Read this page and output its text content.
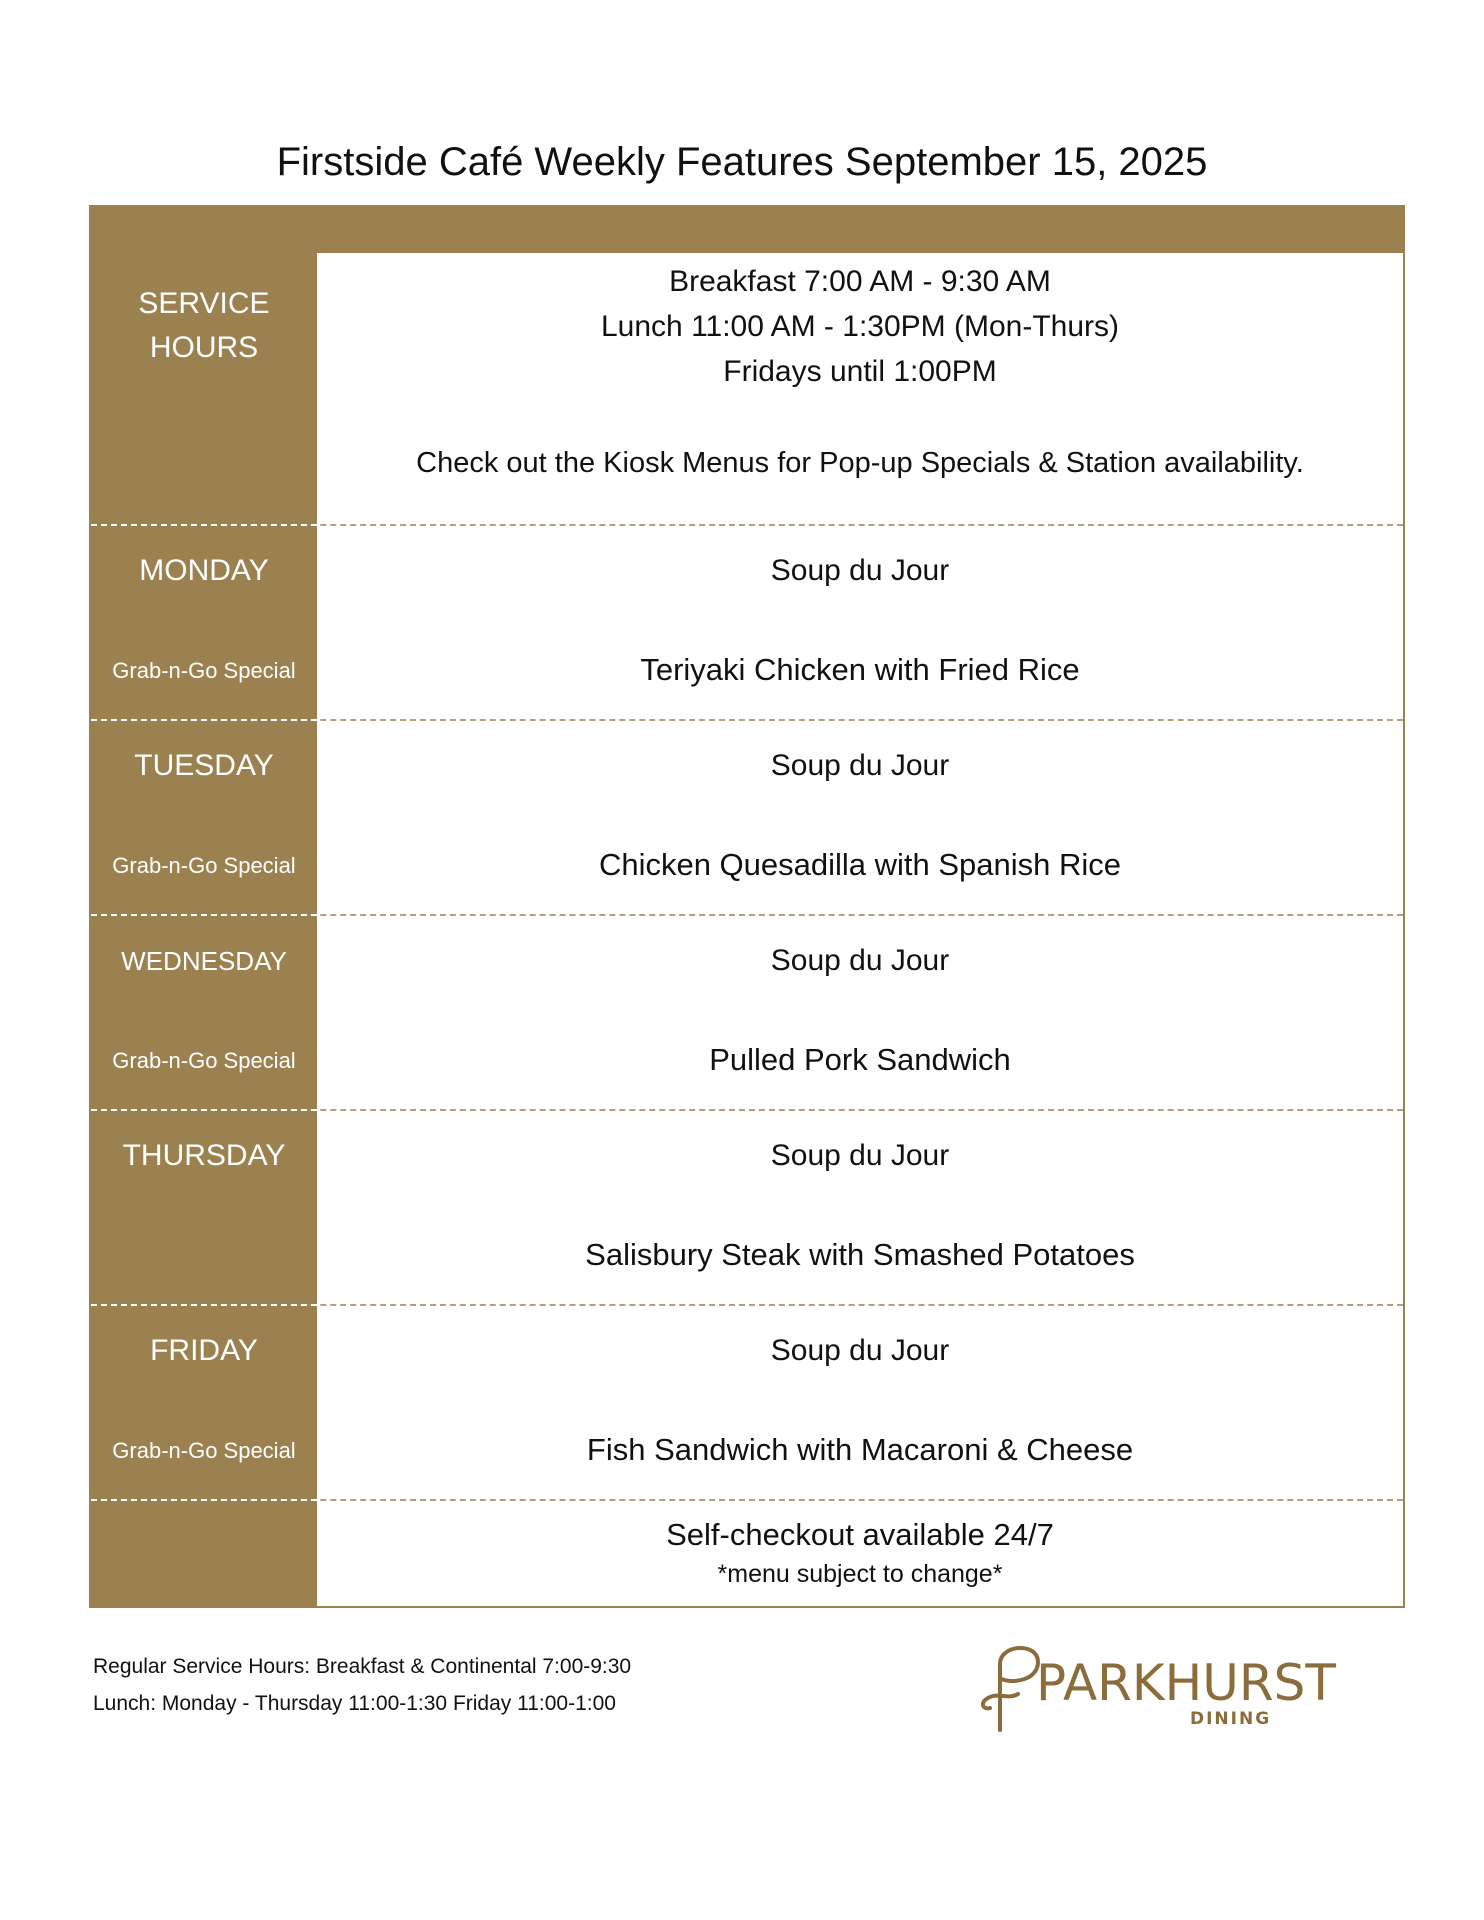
Firstside Café Weekly Features September 15, 2025
SERVICE HOURS
Breakfast 7:00 AM - 9:30 AM
Lunch 11:00 AM - 1:30PM (Mon-Thurs)
Fridays until 1:00PM
Check out the Kiosk Menus for Pop-up Specials & Station availability.
MONDAY
Grab-n-Go Special
Soup du Jour
Teriyaki Chicken with Fried Rice
TUESDAY
Grab-n-Go Special
Soup du Jour
Chicken Quesadilla with Spanish Rice
WEDNESDAY
Grab-n-Go Special
Soup du Jour
Pulled Pork Sandwich
THURSDAY	Soup du Jour
Salisbury Steak with Smashed Potatoes
FRIDAY
Grab-n-Go Special
Soup du Jour
Fish Sandwich with Macaroni & Cheese
Self-checkout available 24/7
*menu subject to change*
Regular Service Hours: Breakfast & Continental 7:00-9:30
Lunch: Monday - Thursday 11:00-1:30 Friday 11:00-1:00	PARKHURST
DINING
